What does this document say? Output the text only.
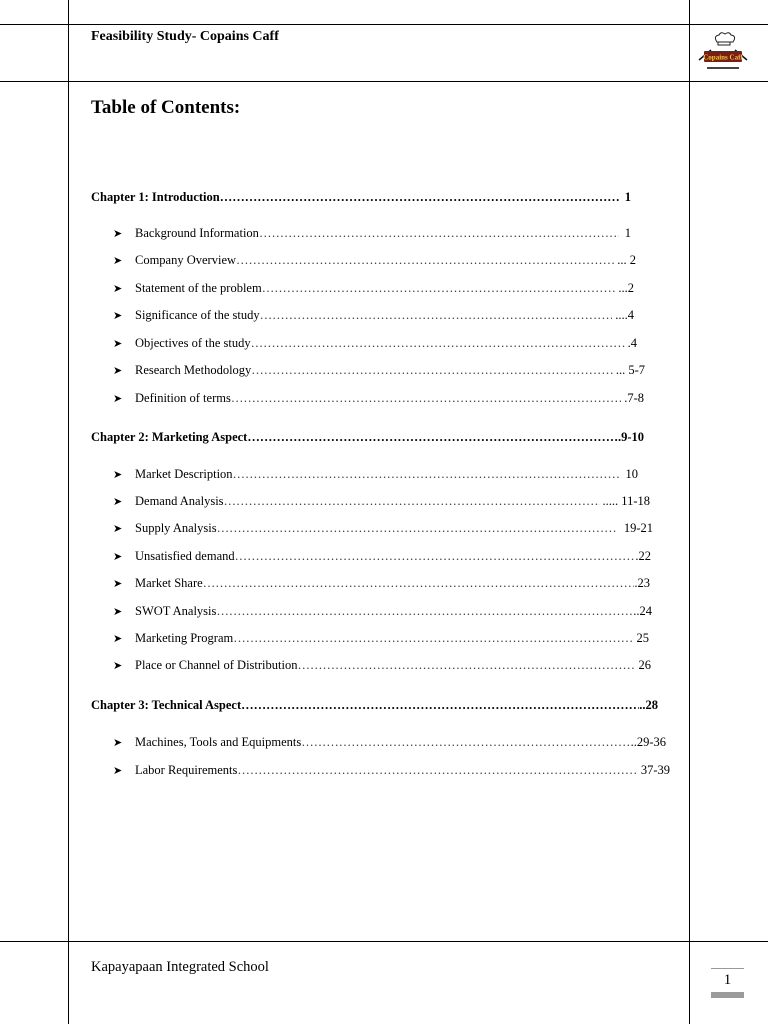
Feasibility Study- Copains Caff
Copains Caff
Table of Contents:
Chapter 1: Introduction …………………………………………………………………………………………………………………………………………………………………………………………………………………………	1
➤	Background Information …………………………………………………………………………………………………………………………………………………………………………………………………………………………	1
➤	Company Overview …………………………………………………………………………………………………………………………………………………………………………………………………………………………	... 2
➤	Statement of the problem …………………………………………………………………………………………………………………………………………………………………………………………………………………………	...2
➤	Significance of the study …………………………………………………………………………………………………………………………………………………………………………………………………………………………	....4
➤	Objectives of the study …………………………………………………………………………………………………………………………………………………………………………………………………………………………	.4
➤	Research Methodology …………………………………………………………………………………………………………………………………………………………………………………………………………………………	... 5-7
➤	Definition of terms …………………………………………………………………………………………………………………………………………………………………………………………………………………………	.7-8
Chapter 2: Marketing Aspect …………………………………………………………………………………………………………………………………………………………………………………………………………………………	.9-10
➤	Market Description …………………………………………………………………………………………………………………………………………………………………………………………………………………………	10
➤	Demand Analysis …………………………………………………………………………………………………………………………………………………………………………………………………………………………	..... 11-18
➤	Supply Analysis …………………………………………………………………………………………………………………………………………………………………………………………………………………………	19-21
➤	Unsatisfied demand …………………………………………………………………………………………………………………………………………………………………………………………………………………………	.22
➤	Market Share …………………………………………………………………………………………………………………………………………………………………………………………………………………………	.23
➤	SWOT Analysis …………………………………………………………………………………………………………………………………………………………………………………………………………………………	..24
➤	Marketing Program …………………………………………………………………………………………………………………………………………………………………………………………………………………………	25
➤	Place or Channel of Distribution …………………………………………………………………………………………………………………………………………………………………………………………………………………………	26
Chapter 3: Technical Aspect …………………………………………………………………………………………………………………………………………………………………………………………………………………………	..28
➤	Machines, Tools and Equipments …………………………………………………………………………………………………………………………………………………………………………………………………………………………	..29-36
➤	Labor Requirements …………………………………………………………………………………………………………………………………………………………………………………………………………………………	37-39
Kapayapaan Integrated School
1
